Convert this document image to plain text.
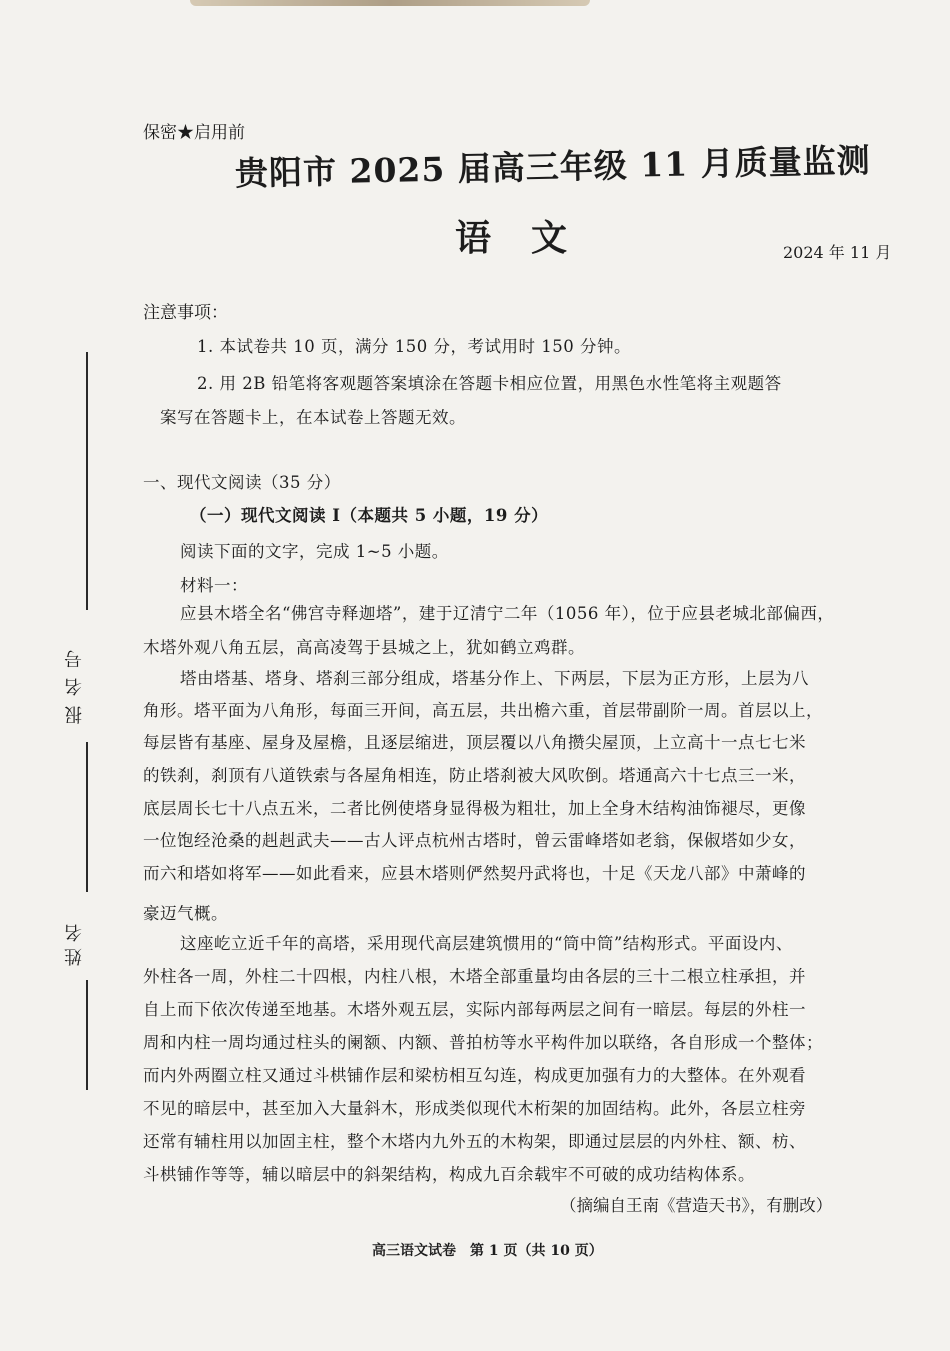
报名号
姓名
保密★启用前
贵阳市 2025 届高三年级 11 月质量监测
语文	2024 年 11 月
注意事项：
1. 本试卷共 10 页，满分 150 分，考试用时 150 分钟。
2. 用 2B 铅笔将客观题答案填涂在答题卡相应位置，用黑色水性笔将主观题答
案写在答题卡上，在本试卷上答题无效。
一、现代文阅读（35 分）
（一）现代文阅读 I（本题共 5 小题，19 分）
阅读下面的文字，完成 1~5 小题。
材料一：
应县木塔全名“佛宫寺释迦塔”，建于辽清宁二年（1056 年），位于应县老城北部偏西，
木塔外观八角五层，高高凌驾于县城之上，犹如鹤立鸡群。
塔由塔基、塔身、塔刹三部分组成，塔基分作上、下两层，下层为正方形，上层为八
角形。塔平面为八角形，每面三开间，高五层，共出檐六重，首层带副阶一周。首层以上，
每层皆有基座、屋身及屋檐，且逐层缩进，顶层覆以八角攒尖屋顶，上立高十一点七七米
的铁刹，刹顶有八道铁索与各屋角相连，防止塔刹被大风吹倒。塔通高六十七点三一米，
底层周长七十八点五米，二者比例使塔身显得极为粗壮，加上全身木结构油饰褪尽，更像
一位饱经沧桑的赳赳武夫——古人评点杭州古塔时，曾云雷峰塔如老翁，保俶塔如少女，
而六和塔如将军——如此看来，应县木塔则俨然契丹武将也，十足《天龙八部》中萧峰的
豪迈气概。
这座屹立近千年的高塔，采用现代高层建筑惯用的“筒中筒”结构形式。平面设内、
外柱各一周，外柱二十四根，内柱八根，木塔全部重量均由各层的三十二根立柱承担，并
自上而下依次传递至地基。木塔外观五层，实际内部每两层之间有一暗层。每层的外柱一
周和内柱一周均通过柱头的阑额、内额、普拍枋等水平构件加以联络，各自形成一个整体；
而内外两圈立柱又通过斗栱铺作层和梁枋相互勾连，构成更加强有力的大整体。在外观看
不见的暗层中，甚至加入大量斜木，形成类似现代木桁架的加固结构。此外，各层立柱旁
还常有辅柱用以加固主柱，整个木塔内九外五的木构架，即通过层层的内外柱、额、枋、
斗栱铺作等等，辅以暗层中的斜架结构，构成九百余载牢不可破的成功结构体系。
（摘编自王南《营造天书》，有删改）
高三语文试卷　第 1 页（共 10 页）
